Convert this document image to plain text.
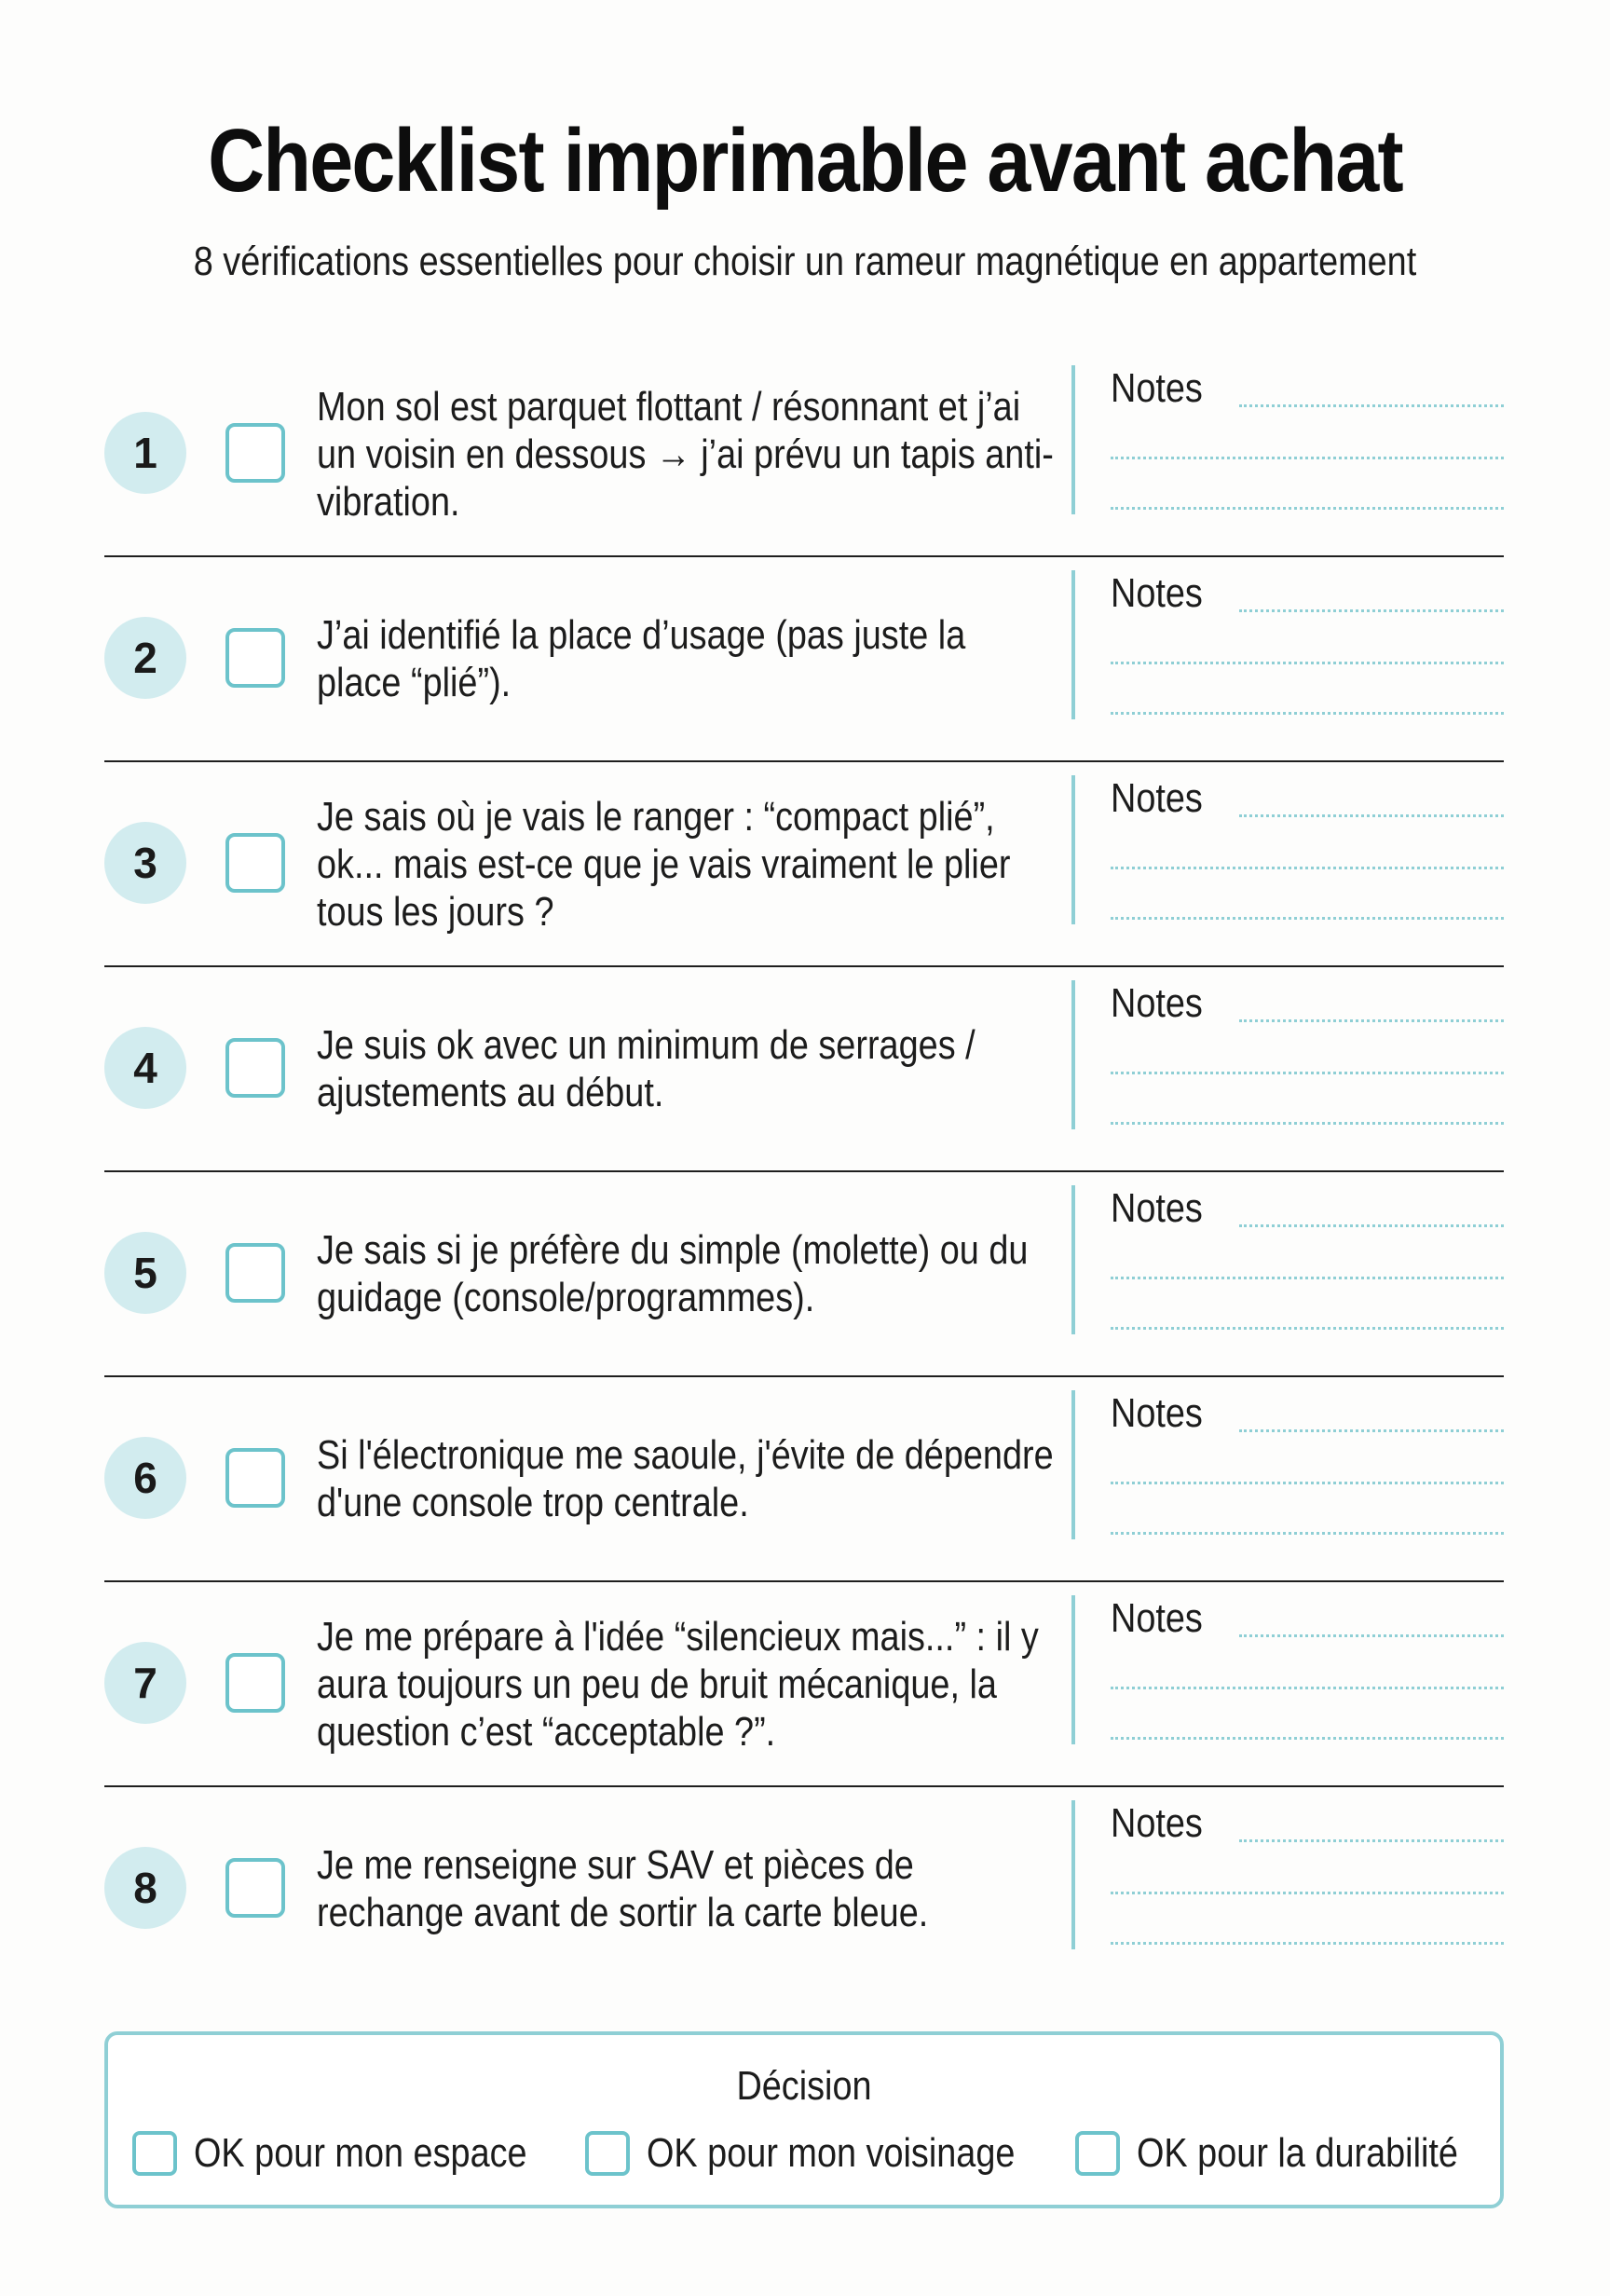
Checklist imprimable avant achat
8 vérifications essentielles pour choisir un rameur magnétique en appartement
1
Mon sol est parquet flottant / résonnant et j’ai un voisin en dessous → j’ai prévu un tapis anti-vibration.
Notes
2	J’ai identifié la place d’usage (pas juste la place “plié”).
Notes
3
Je sais où je vais le ranger : “compact plié”, ok... mais est-ce que je vais vraiment le plier tous les jours ?
Notes
4	Je suis ok avec un minimum de serrages / ajustements au début.
Notes
5	Je sais si je préfère du simple (molette) ou du guidage (console/programmes).
Notes
6	Si l'électronique me saoule, j'évite de dépendre d'une console trop centrale.
Notes
7
Je me prépare à l'idée “silencieux mais...” : il y aura toujours un peu de bruit mécanique, la question c’est “acceptable ?”.
Notes
8	Je me renseigne sur SAV et pièces de rechange avant de sortir la carte bleue.
Notes
Décision
OK pour mon espace	OK pour mon voisinage	OK pour la durabilité
